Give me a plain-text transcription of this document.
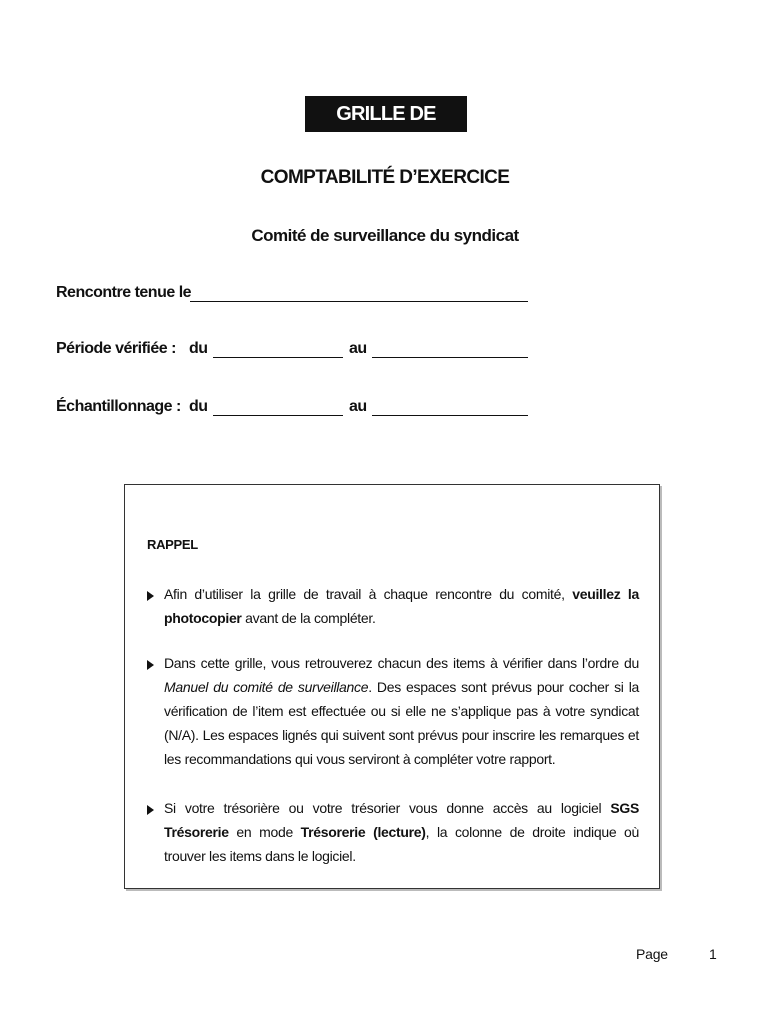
GRILLE DE TRAVAIL
COMPTABILITÉ D’EXERCICE
Comité de surveillance du syndicat
Rencontre tenue le
Période vérifiée : du	au
Échantillonnage : du	au
RAPPEL
Afin d’utiliser la grille de travail à chaque rencontre du comité, veuillez la photocopier avant de la compléter.
Dans cette grille, vous retrouverez chacun des items à vérifier dans l’ordre du Manuel du comité de surveillance. Des espaces sont prévus pour cocher si la vérification de l’item est effectuée ou si elle ne s’applique pas à votre syndicat (N/A). Les espaces lignés qui suivent sont prévus pour inscrire les remarques et les recommandations qui vous serviront à compléter votre rapport.
Si votre trésorière ou votre trésorier vous donne accès au logiciel SGS Trésorerie en mode Trésorerie (lecture), la colonne de droite indique où trouver les items dans le logiciel.
Page	1
